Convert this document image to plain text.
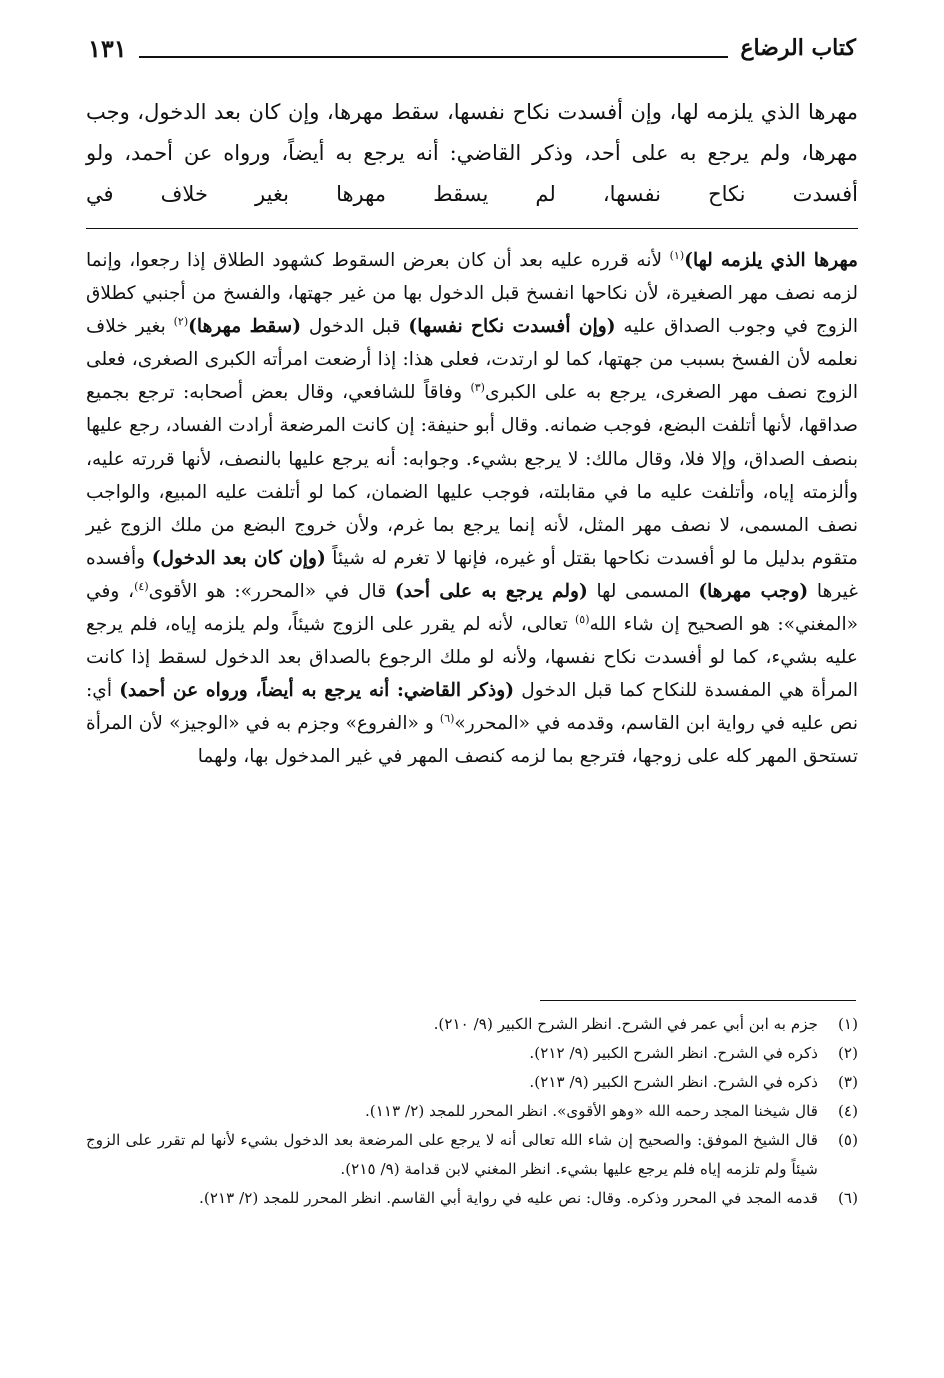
كتاب الرضاع
١٣١

مهرها الذي يلزمه لها، وإن أفسدت نكاح نفسها، سقط مهرها، وإن كان بعد الدخول، وجب مهرها، ولم يرجع به على أحد، وذكر القاضي: أنه يرجع به أيضاً، ورواه عن أحمد، ولو أفسدت نكاح نفسها، لم يسقط مهرها بغير خلاف في

مهرها الذي يلزمه لها)$^{(١)}$ لأنه قرره عليه بعد أن كان بعرض السقوط كشهود الطلاق إذا رجعوا، وإنما لزمه نصف مهر الصغيرة، لأن نكاحها انفسخ قبل الدخول بها من غير جهتها، والفسخ من أجنبي كطلاق الزوج في وجوب الصداق عليه (وإن أفسدت نكاح نفسها) قبل الدخول (سقط مهرها)$^{(٢)}$ بغير خلاف نعلمه لأن الفسخ بسبب من جهتها، كما لو ارتدت، فعلى هذا: إذا أرضعت امرأته الكبرى الصغرى، فعلى الزوج نصف مهر الصغرى، يرجع به على الكبرى$^{(٣)}$ وفاقاً للشافعي، وقال بعض أصحابه: ترجع بجميع صداقها، لأنها أتلفت البضع، فوجب ضمانه. وقال أبو حنيفة: إن كانت المرضعة أرادت الفساد، رجع عليها بنصف الصداق، وإلا فلا، وقال مالك: لا يرجع بشيء. وجوابه: أنه يرجع عليها بالنصف، لأنها قررته عليه، وألزمته إياه، وأتلفت عليه ما في مقابلته، فوجب عليها الضمان، كما لو أتلفت عليه المبيع، والواجب نصف المسمى، لا نصف مهر المثل، لأنه إنما يرجع بما غرم، ولأن خروج البضع من ملك الزوج غير متقوم بدليل ما لو أفسدت نكاحها بقتل أو غيره، فإنها لا تغرم له شيئاً (وإن كان بعد الدخول) وأفسده غيرها (وجب مهرها) المسمى لها (ولم يرجع به على أحد) قال في «المحرر»: هو الأقوى$^{(٤)}$، وفي «المغني»: هو الصحيح إن شاء الله$^{(٥)}$ تعالى، لأنه لم يقرر على الزوج شيئاً، ولم يلزمه إياه، فلم يرجع عليه بشيء، كما لو أفسدت نكاح نفسها، ولأنه لو ملك الرجوع بالصداق بعد الدخول لسقط إذا كانت المرأة هي المفسدة للنكاح كما قبل الدخول (وذكر القاضي: أنه يرجع به أيضاً، ورواه عن أحمد) أي: نص عليه في رواية ابن القاسم، وقدمه في «المحرر»$^{(٦)}$ و «الفروع» وجزم به في «الوجيز» لأن المرأة تستحق المهر كله على زوجها، فترجع بما لزمه كنصف المهر في غير المدخول بها، ولهما

(١)
جزم به ابن أبي عمر في الشرح. انظر الشرح الكبير (٩/ ٢١٠).
(٢)
ذكره في الشرح. انظر الشرح الكبير (٩/ ٢١٢).
(٣)
ذكره في الشرح. انظر الشرح الكبير (٩/ ٢١٣).
(٤)
قال شيخنا المجد رحمه الله «وهو الأقوى». انظر المحرر للمجد (٢/ ١١٣).
(٥)
قال الشيخ الموفق: والصحيح إن شاء الله تعالى أنه لا يرجع على المرضعة بعد الدخول بشيء لأنها لم تقرر على الزوج شيئاً ولم تلزمه إياه فلم يرجع عليها بشيء. انظر المغني لابن قدامة (٩/ ٢١٥).
(٦)
قدمه المجد في المحرر وذكره. وقال: نص عليه في رواية أبي القاسم. انظر المحرر للمجد (٢/ ٢١٣).
